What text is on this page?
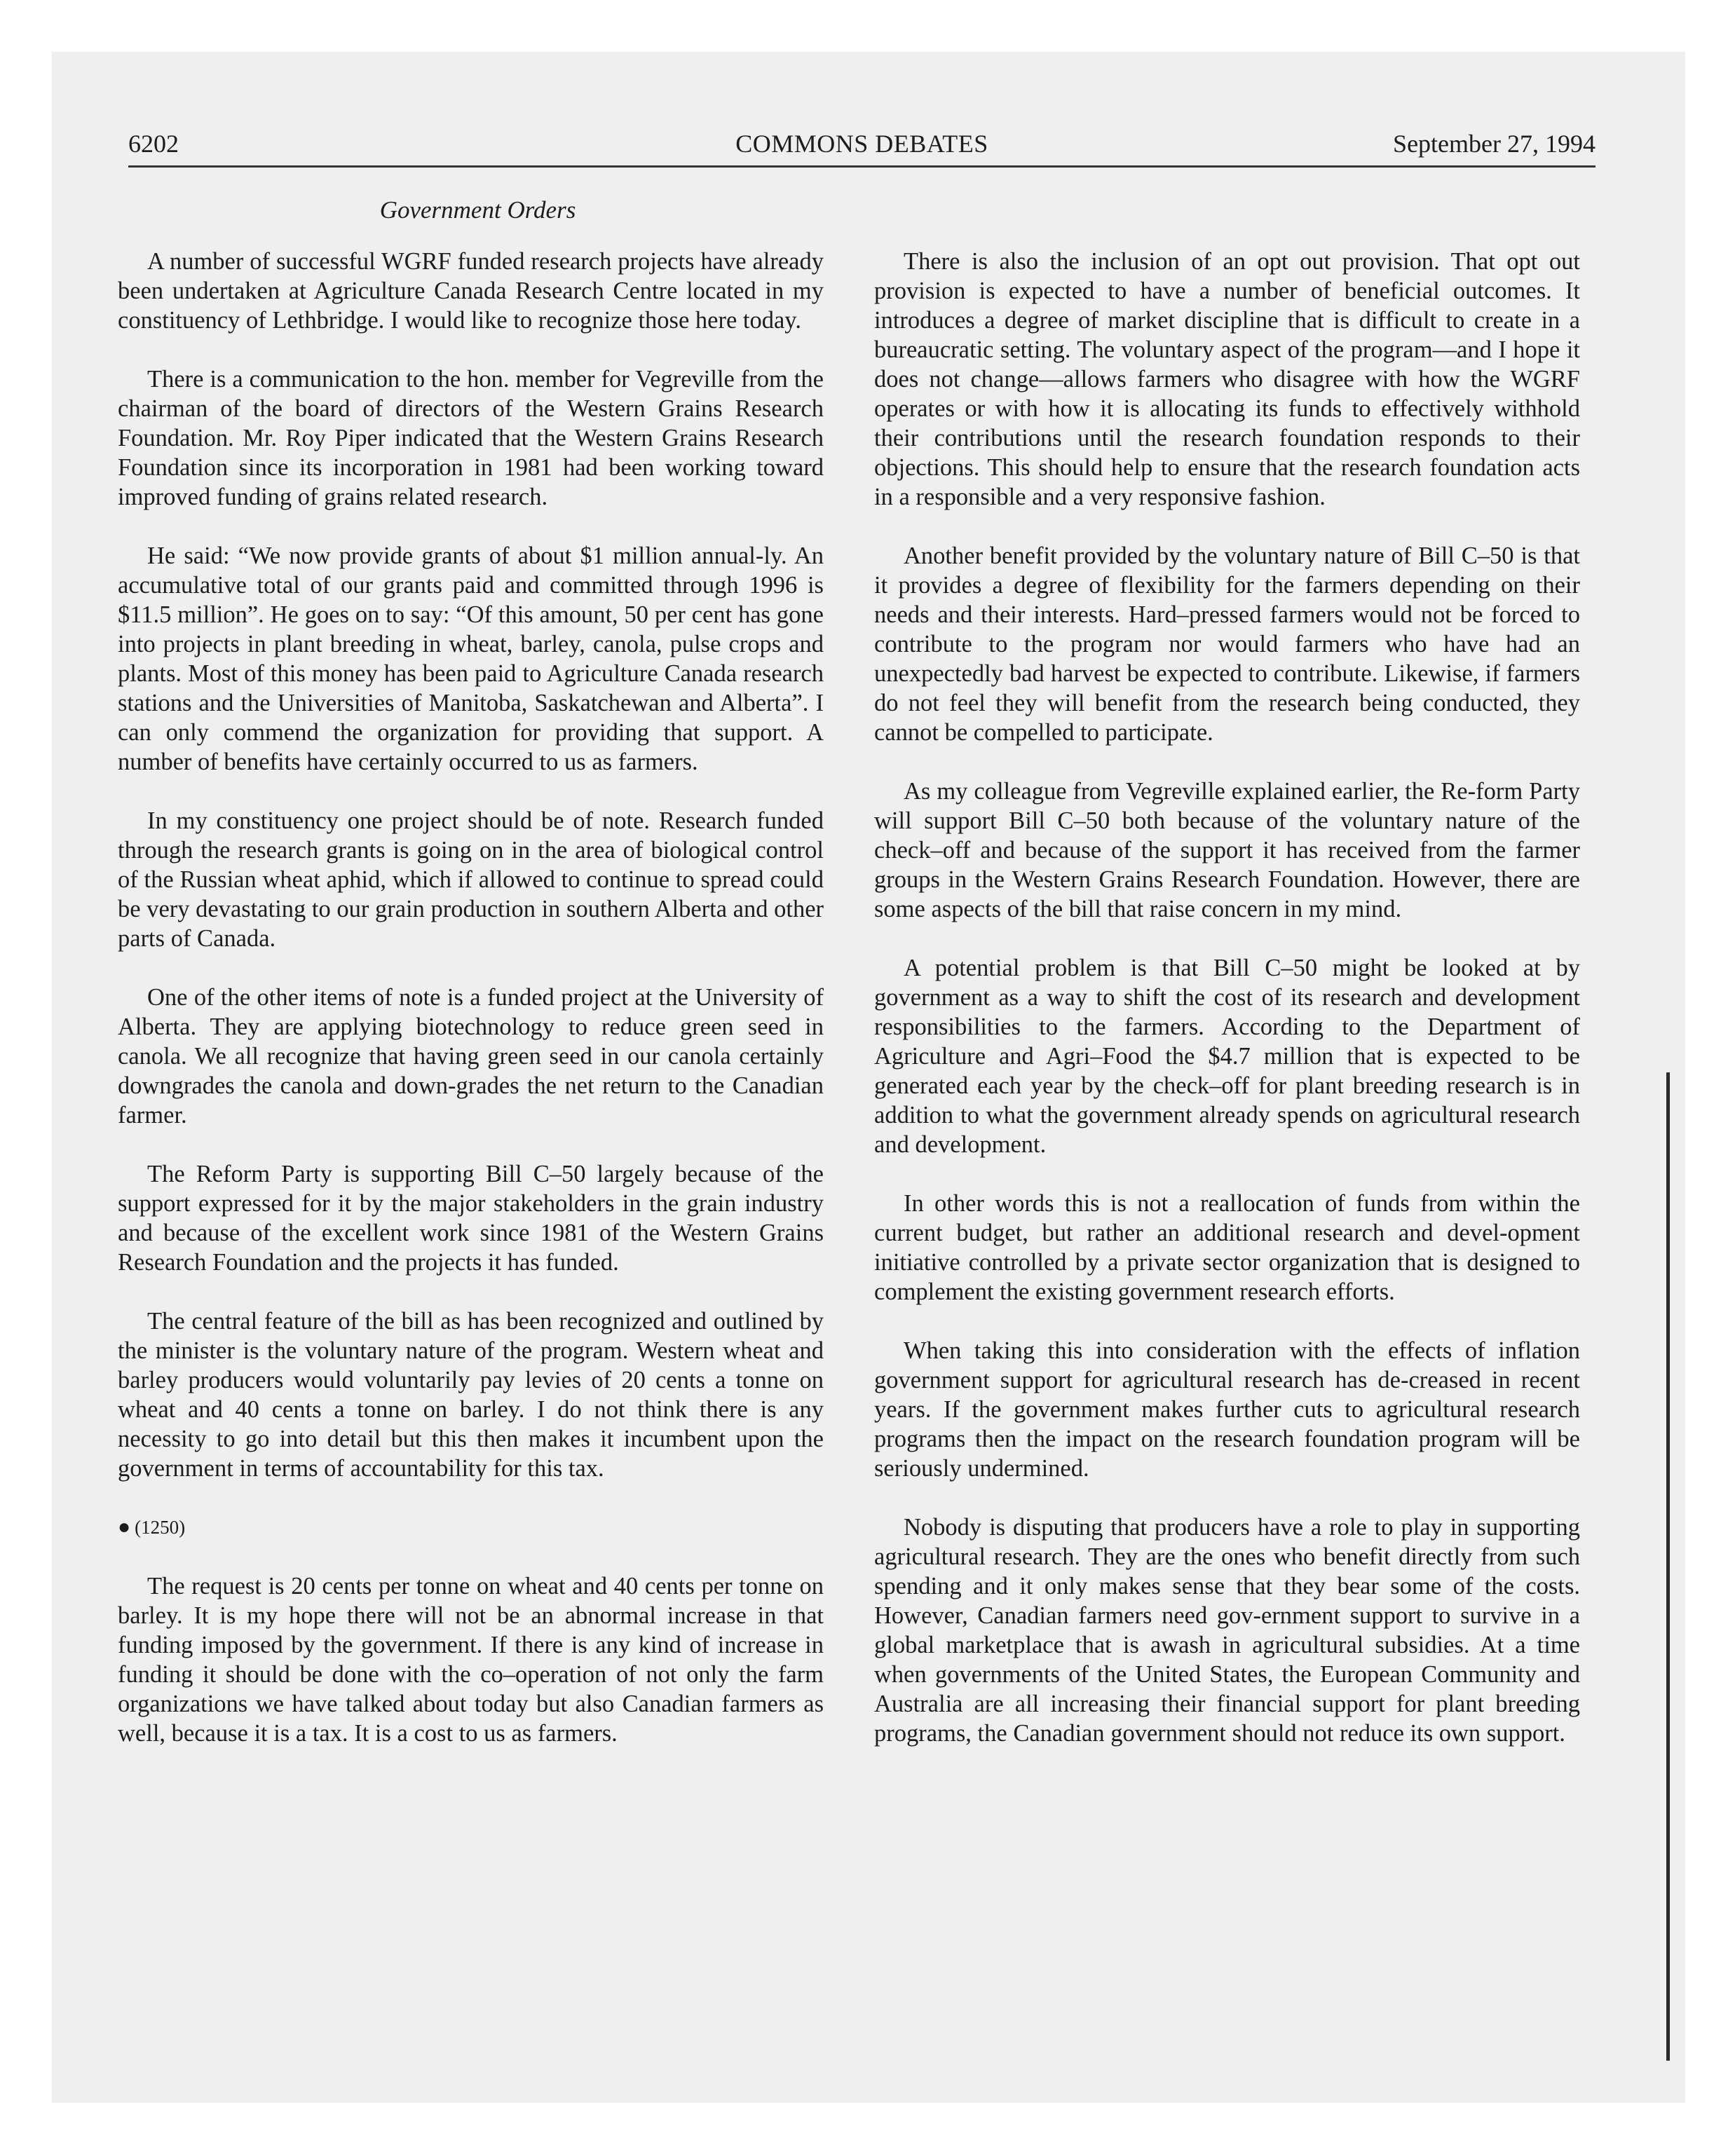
6202	COMMONS DEBATES	September 27, 1994
Government Orders

A number of successful WGRF funded research projects have already been undertaken at Agriculture Canada Research Centre located in my constituency of Lethbridge. I would like to recognize those here today.

There is a communication to the hon. member for Vegreville from the chairman of the board of directors of the Western Grains Research Foundation. Mr. Roy Piper indicated that the Western Grains Research Foundation since its incorporation in 1981 had been working toward improved funding of grains related research.

He said: “We now provide grants of about $1 million annual-ly. An accumulative total of our grants paid and committed through 1996 is $11.5 million”. He goes on to say: “Of this amount, 50 per cent has gone into projects in plant breeding in wheat, barley, canola, pulse crops and plants. Most of this money has been paid to Agriculture Canada research stations and the Universities of Manitoba, Saskatchewan and Alberta”. I can only commend the organization for providing that support. A number of benefits have certainly occurred to us as farmers.

In my constituency one project should be of note. Research funded through the research grants is going on in the area of biological control of the Russian wheat aphid, which if allowed to continue to spread could be very devastating to our grain production in southern Alberta and other parts of Canada.

One of the other items of note is a funded project at the University of Alberta. They are applying biotechnology to reduce green seed in canola. We all recognize that having green seed in our canola certainly downgrades the canola and down-grades the net return to the Canadian farmer.

The Reform Party is supporting Bill C–50 largely because of the support expressed for it by the major stakeholders in the grain industry and because of the excellent work since 1981 of the Western Grains Research Foundation and the projects it has funded.

The central feature of the bill as has been recognized and outlined by the minister is the voluntary nature of the program. Western wheat and barley producers would voluntarily pay levies of 20 cents a tonne on wheat and 40 cents a tonne on barley. I do not think there is any necessity to go into detail but this then makes it incumbent upon the government in terms of accountability for this tax.

● (1250)

The request is 20 cents per tonne on wheat and 40 cents per tonne on barley. It is my hope there will not be an abnormal increase in that funding imposed by the government. If there is any kind of increase in funding it should be done with the co–operation of not only the farm organizations we have talked about today but also Canadian farmers as well, because it is a tax. It is a cost to us as farmers.

There is also the inclusion of an opt out provision. That opt out provision is expected to have a number of beneficial outcomes. It introduces a degree of market discipline that is difficult to create in a bureaucratic setting. The voluntary aspect of the program—and I hope it does not change—allows farmers who disagree with how the WGRF operates or with how it is allocating its funds to effectively withhold their contributions until the research foundation responds to their objections. This should help to ensure that the research foundation acts in a responsible and a very responsive fashion.

Another benefit provided by the voluntary nature of Bill C–50 is that it provides a degree of flexibility for the farmers depending on their needs and their interests. Hard–pressed farmers would not be forced to contribute to the program nor would farmers who have had an unexpectedly bad harvest be expected to contribute. Likewise, if farmers do not feel they will benefit from the research being conducted, they cannot be compelled to participate.

As my colleague from Vegreville explained earlier, the Re-form Party will support Bill C–50 both because of the voluntary nature of the check–off and because of the support it has received from the farmer groups in the Western Grains Research Foundation. However, there are some aspects of the bill that raise concern in my mind.

A potential problem is that Bill C–50 might be looked at by government as a way to shift the cost of its research and development responsibilities to the farmers. According to the Department of Agriculture and Agri–Food the $4.7 million that is expected to be generated each year by the check–off for plant breeding research is in addition to what the government already spends on agricultural research and development.

In other words this is not a reallocation of funds from within the current budget, but rather an additional research and devel-opment initiative controlled by a private sector organization that is designed to complement the existing government research efforts.

When taking this into consideration with the effects of inflation government support for agricultural research has de-creased in recent years. If the government makes further cuts to agricultural research programs then the impact on the research foundation program will be seriously undermined.

Nobody is disputing that producers have a role to play in supporting agricultural research. They are the ones who benefit directly from such spending and it only makes sense that they bear some of the costs. However, Canadian farmers need gov-ernment support to survive in a global marketplace that is awash in agricultural subsidies. At a time when governments of the United States, the European Community and Australia are all increasing their financial support for plant breeding programs, the Canadian government should not reduce its own support.
